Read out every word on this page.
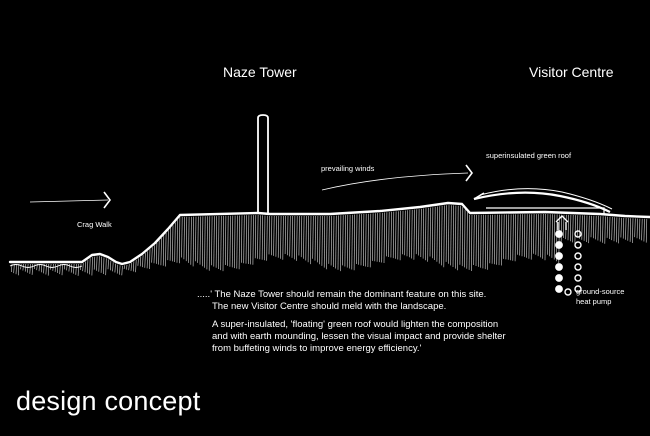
Naze Tower	Visitor Centre
superinsulated green roof
prevailing winds
Crag Walk
ground-source
heat pump
.....' The Naze Tower should remain the dominant feature on this site.
The new Visitor Centre should meld with the landscape.
A super-insulated, 'floating' green roof would lighten the composition
and with earth mounding, lessen the visual impact and provide shelter
from buffeting winds to improve energy efficiency.'
design concept
